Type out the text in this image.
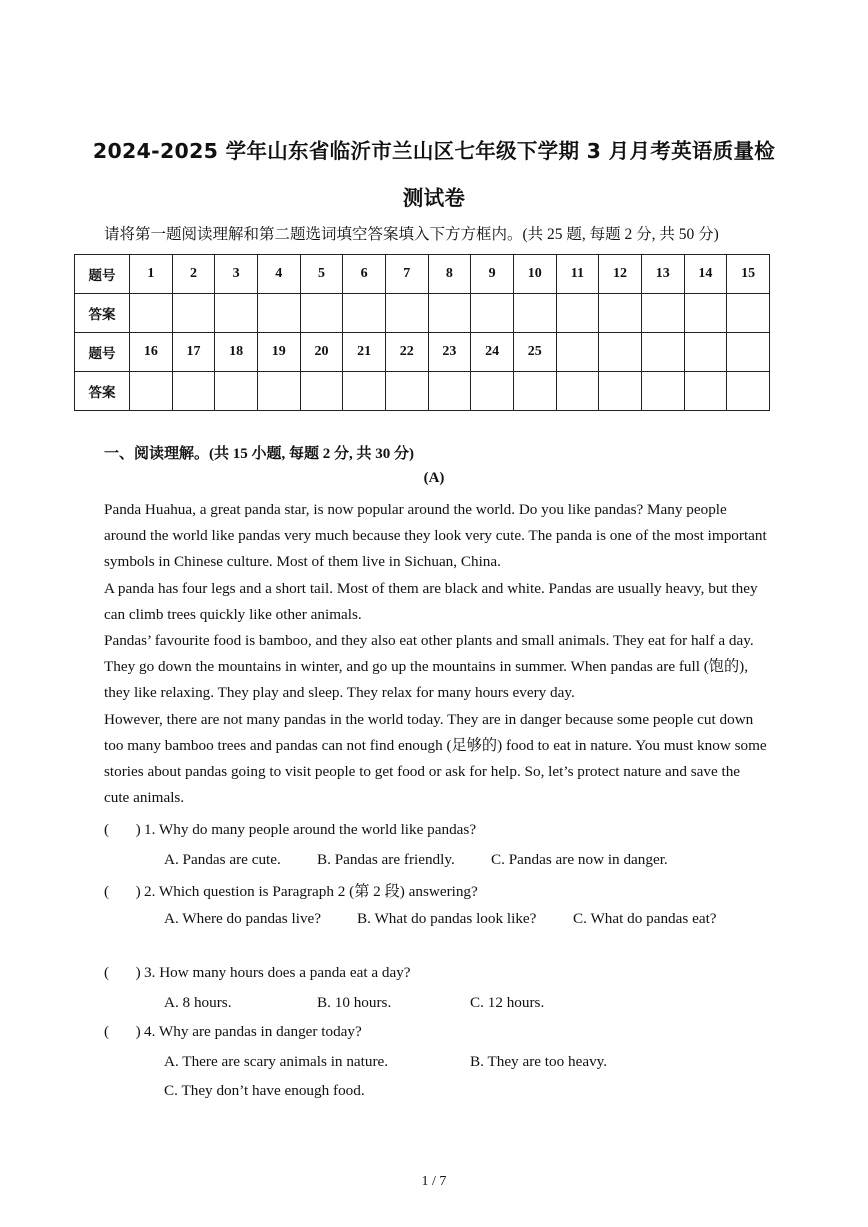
2024-2025 学年山东省临沂市兰山区七年级下学期 3 月月考英语质量检
测试卷
请将第一题阅读理解和第二题选词填空答案填入下方方框内。(共 25 题, 每题 2 分, 共 50 分)
题号	1	2	3	4	5	6	7	8	9	10	11	12	13	14	15
答案															
题号	16	17	18	19	20	21	22	23	24	25					
答案															
一、阅读理解。(共 15 小题, 每题 2 分, 共 30 分)
(A)

Panda Huahua, a great panda star, is now popular around the world. Do you like pandas? Many people around the world like pandas very much because they look very cute. The panda is one of the most important symbols in Chinese culture. Most of them live in Sichuan, China.

A panda has four legs and a short tail. Most of them are black and white. Pandas are usually heavy, but they can climb trees quickly like other animals.

Pandas’ favourite food is bamboo, and they also eat other plants and small animals. They eat for half a day. They go down the mountains in winter, and go up the mountains in summer. When pandas are full (饱的), they like relaxing. They play and sleep. They relax for many hours every day.

However, there are not many pandas in the world today. They are in danger because some people cut down too many bamboo trees and pandas can not find enough (足够的) food to eat in nature. You must know some stories about pandas going to visit people to get food or ask for help. So, let’s protect nature and save the cute animals.

(       ) 1. Why do many people around the world like pandas?
A. Pandas are cute. B. Pandas are friendly. C. Pandas are now in danger.
(       ) 2. Which question is Paragraph 2 (第 2 段) answering?
A. Where do pandas live? B. What do pandas look like? C. What do pandas eat?
(       ) 3. How many hours does a panda eat a day?
A. 8 hours.	B. 10 hours.	C. 12 hours.
(       ) 4. Why are pandas in danger today?
A. There are scary animals in nature.	B. They are too heavy.
C. They don’t have enough food.
1 / 7
